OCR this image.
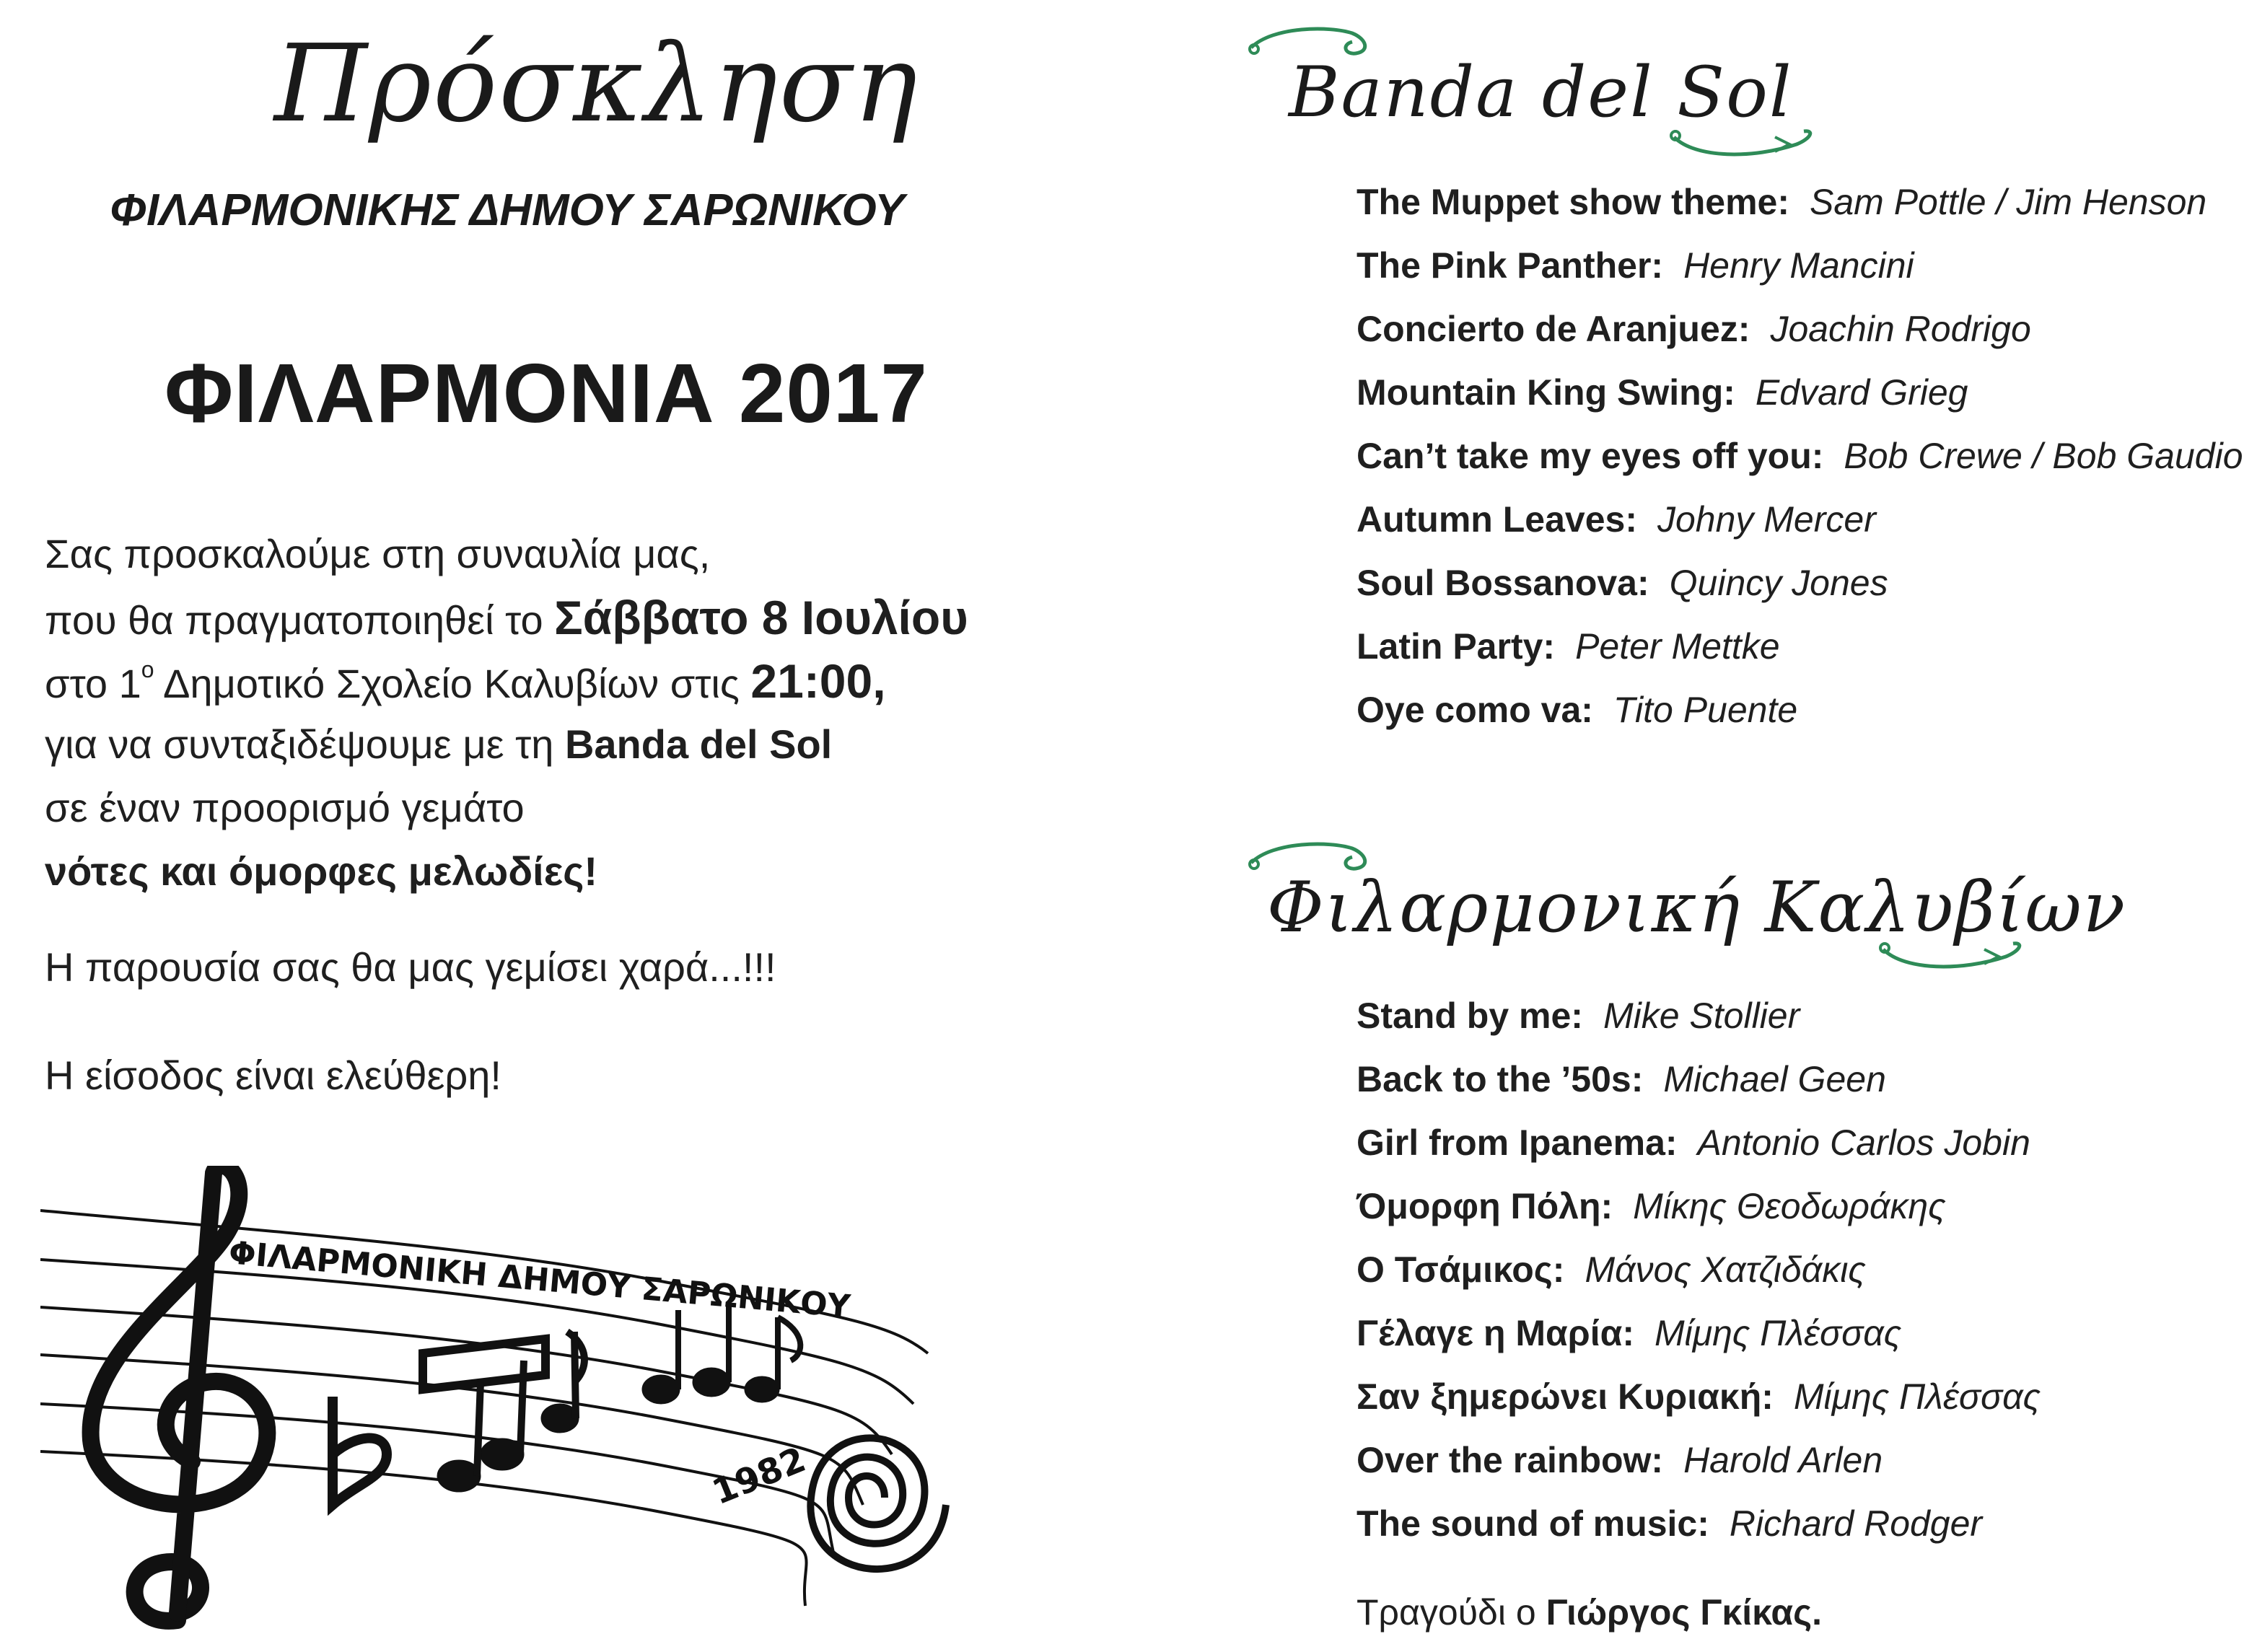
Πρόσκληση
ΦΙΛΑΡΜΟΝΙΚΗΣ ΔΗΜΟΥ ΣΑΡΩΝΙΚΟΥ
ΦΙΛΑΡΜΟΝΙΑ 2017
Σας προσκαλούμε στη συναυλία μας,
που θα πραγματοποιηθεί το Σάββατο 8 Ιουλίου
στο $1^o$ Δημοτικό Σχολείο Καλυβίων στις 21:00,
για να συνταξιδέψουμε με τη Banda del Sol
σε έναν προορισμό γεμάτο
νότες και όμορφες μελωδίες!
Η παρουσία σας θα μας γεμίσει χαρά...!!!
Η είσοδος είναι ελεύθερη!
ΦΙΛΑΡΜΟΝΙΚΗ ΔΗΜΟΥ ΣΑΡΩΝΙΚΟΥ
1982
Banda del Sol
The Muppet show theme: Sam Pottle / Jim Henson
The Pink Panther: Henry Mancini
Concierto de Aranjuez: Joachin Rodrigo
Mountain King Swing: Edvard Grieg
Can’t take my eyes off you: Bob Crewe / Bob Gaudio
Autumn Leaves: Johny Mercer
Soul Bossanova: Quincy Jones
Latin Party: Peter Mettke
Oye como va: Tito Puente
Φιλαρμονική Καλυβίων
Stand by me: Mike Stollier
Back to the ’50s: Michael Geen
Girl from Ipanema: Antonio Carlos Jobin
Όμορφη Πόλη: Μίκης Θεοδωράκης
Ο Τσάμικος: Μάνος Χατζιδάκις
Γέλαγε η Μαρία: Μίμης Πλέσσας
Σαν ξημερώνει Κυριακή: Μίμης Πλέσσας
Over the rainbow: Harold Arlen
The sound of music: Richard Rodger
Τραγούδι ο Γιώργος Γκίκας.
